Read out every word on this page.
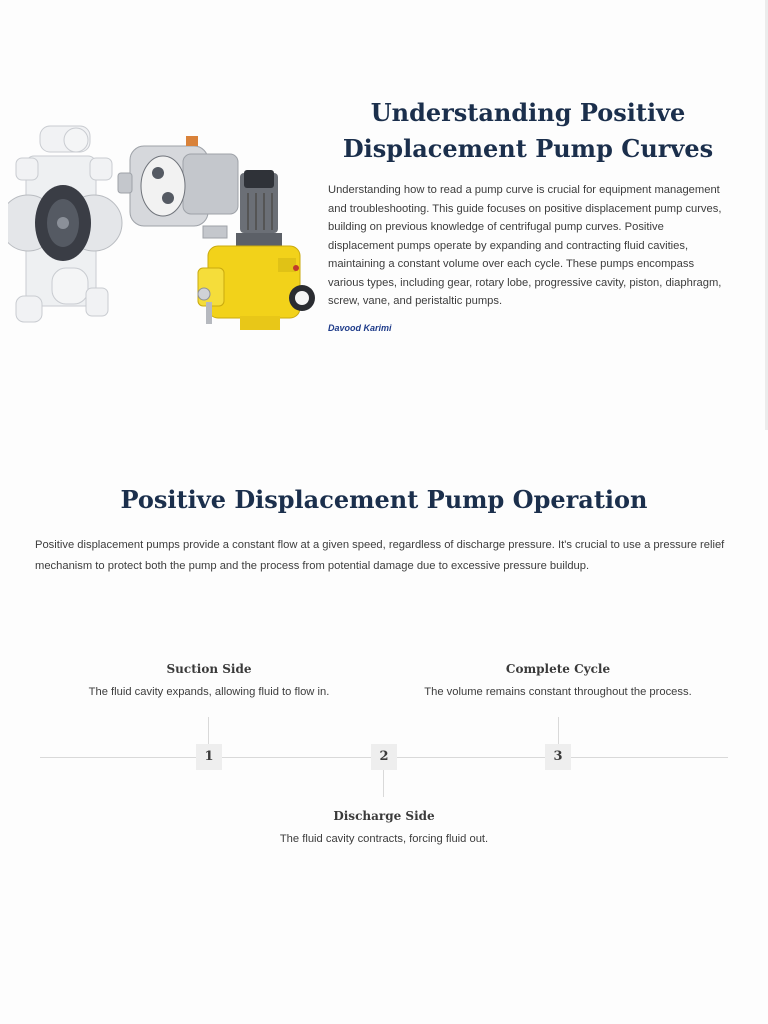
Understanding Positive
Displacement Pump Curves

Understanding how to read a pump curve is crucial for equipment management and troubleshooting. This guide focuses on positive displacement pump curves, building on previous knowledge of centrifugal pump curves. Positive displacement pumps operate by expanding and contracting fluid cavities, maintaining a constant volume over each cycle. These pumps encompass various types, including gear, rotary lobe, progressive cavity, piston, diaphragm, screw, vane, and peristaltic pumps.

Davood Karimi
Positive Displacement Pump Operation

Positive displacement pumps provide a constant flow at a given speed, regardless of discharge pressure. It's crucial to use a pressure relief mechanism to protect both the pump and the process from potential damage due to excessive pressure buildup.

Suction Side

The fluid cavity expands, allowing fluid to flow in.

1	2

Discharge Side

The fluid cavity contracts, forcing fluid out.

Complete Cycle

The volume remains constant throughout the process.

3
